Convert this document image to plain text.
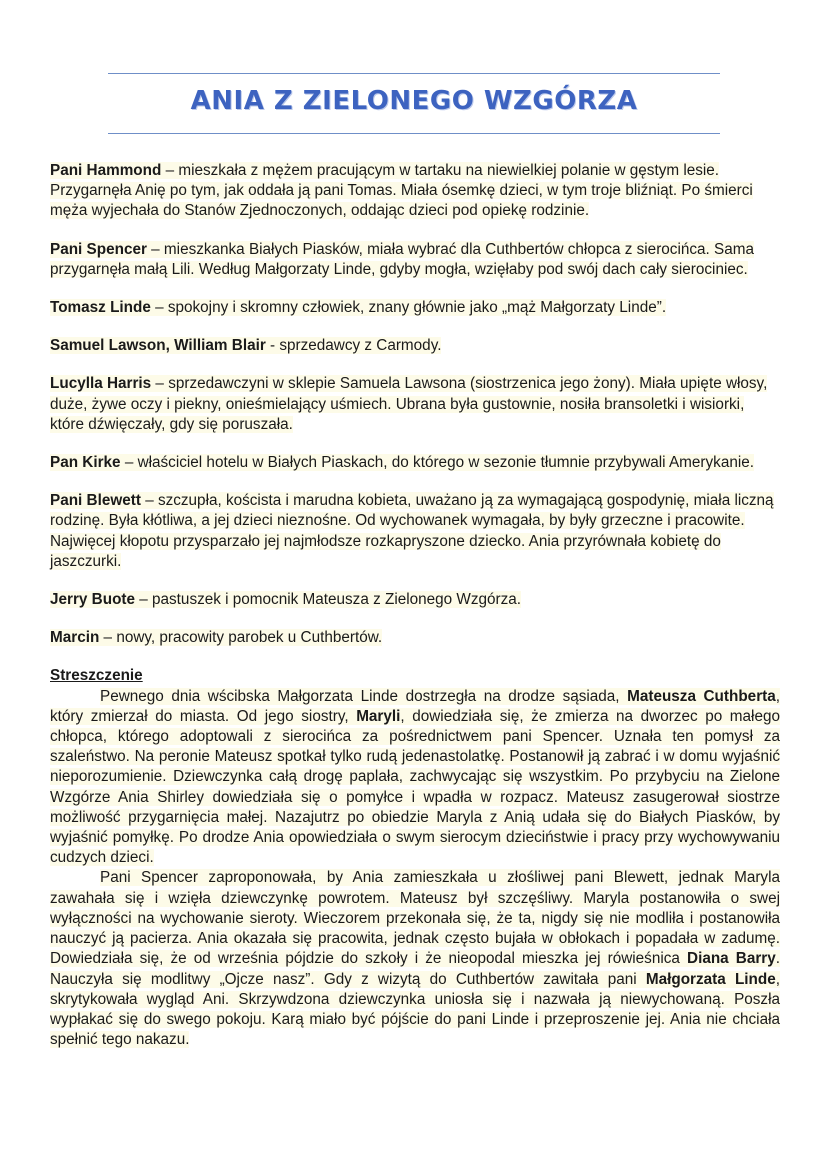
ANIA Z ZIELONEGO WZGÓRZA

Pani Hammond – mieszkała z mężem pracującym w tartaku na niewielkiej polanie w gęstym lesie. Przygarnęła Anię po tym, jak oddała ją pani Tomas. Miała ósemkę dzieci, w tym troje bliźniąt. Po śmierci męża wyjechała do Stanów Zjednoczonych, oddając dzieci pod opiekę rodzinie.

Pani Spencer – mieszkanka Białych Piasków, miała wybrać dla Cuthbertów chłopca z sierocińca. Sama przygarnęła małą Lili. Według Małgorzaty Linde, gdyby mogła, wzięłaby pod swój dach cały sierociniec.

Tomasz Linde – spokojny i skromny człowiek, znany głównie jako „mąż Małgorzaty Linde”.

Samuel Lawson, William Blair - sprzedawcy z Carmody.

Lucylla Harris – sprzedawczyni w sklepie Samuela Lawsona (siostrzenica jego żony). Miała upięte włosy, duże, żywe oczy i piekny, onieśmielający uśmiech. Ubrana była gustownie, nosiła bransoletki i wisiorki, które dźwięczały, gdy się poruszała.

Pan Kirke – właściciel hotelu w Białych Piaskach, do którego w sezonie tłumnie przybywali Amerykanie.

Pani Blewett – szczupła, koścista i marudna kobieta, uważano ją za wymagającą gospodynię, miała liczną rodzinę. Była kłótliwa, a jej dzieci nieznośne. Od wychowanek wymagała, by były grzeczne i pracowite. Najwięcej kłopotu przysparzało jej najmłodsze rozkapryszone dziecko. Ania przyrównała kobietę do jaszczurki.

Jerry Buote – pastuszek i pomocnik Mateusza z Zielonego Wzgórza.

Marcin – nowy, pracowity parobek u Cuthbertów.

Streszczenie

Pewnego dnia wścibska Małgorzata Linde dostrzegła na drodze sąsiada, Mateusza Cuthberta, który zmierzał do miasta. Od jego siostry, Maryli, dowiedziała się, że zmierza na dworzec po małego chłopca, którego adoptowali z sierocińca za pośrednictwem pani Spencer. Uznała ten pomysł za szaleństwo. Na peronie Mateusz spotkał tylko rudą jedenastolatkę. Postanowił ją zabrać i w domu wyjaśnić nieporozumienie. Dziewczynka całą drogę paplała, zachwycając się wszystkim. Po przybyciu na Zielone Wzgórze Ania Shirley dowiedziała się o pomyłce i wpadła w rozpacz. Mateusz zasugerował siostrze możliwość przygarnięcia małej. Nazajutrz po obiedzie Maryla z Anią udała się do Białych Piasków, by wyjaśnić pomyłkę. Po drodze Ania opowiedziała o swym sierocym dzieciństwie i pracy przy wychowywaniu cudzych dzieci.

Pani Spencer zaproponowała, by Ania zamieszkała u złośliwej pani Blewett, jednak Maryla zawahała się i wzięła dziewczynkę powrotem. Mateusz był szczęśliwy. Maryla postanowiła o swej wyłączności na wychowanie sieroty. Wieczorem przekonała się, że ta, nigdy się nie modliła i postanowiła nauczyć ją pacierza. Ania okazała się pracowita, jednak często bujała w obłokach i popadała w zadumę. Dowiedziała się, że od września pójdzie do szkoły i że nieopodal mieszka jej rówieśnica Diana Barry. Nauczyła się modlitwy „Ojcze nasz”. Gdy z wizytą do Cuthbertów zawitała pani Małgorzata Linde, skrytykowała wygląd Ani. Skrzywdzona dziewczynka uniosła się i nazwała ją niewychowaną. Poszła wypłakać się do swego pokoju. Karą miało być pójście do pani Linde i przeproszenie jej. Ania nie chciała spełnić tego nakazu.
